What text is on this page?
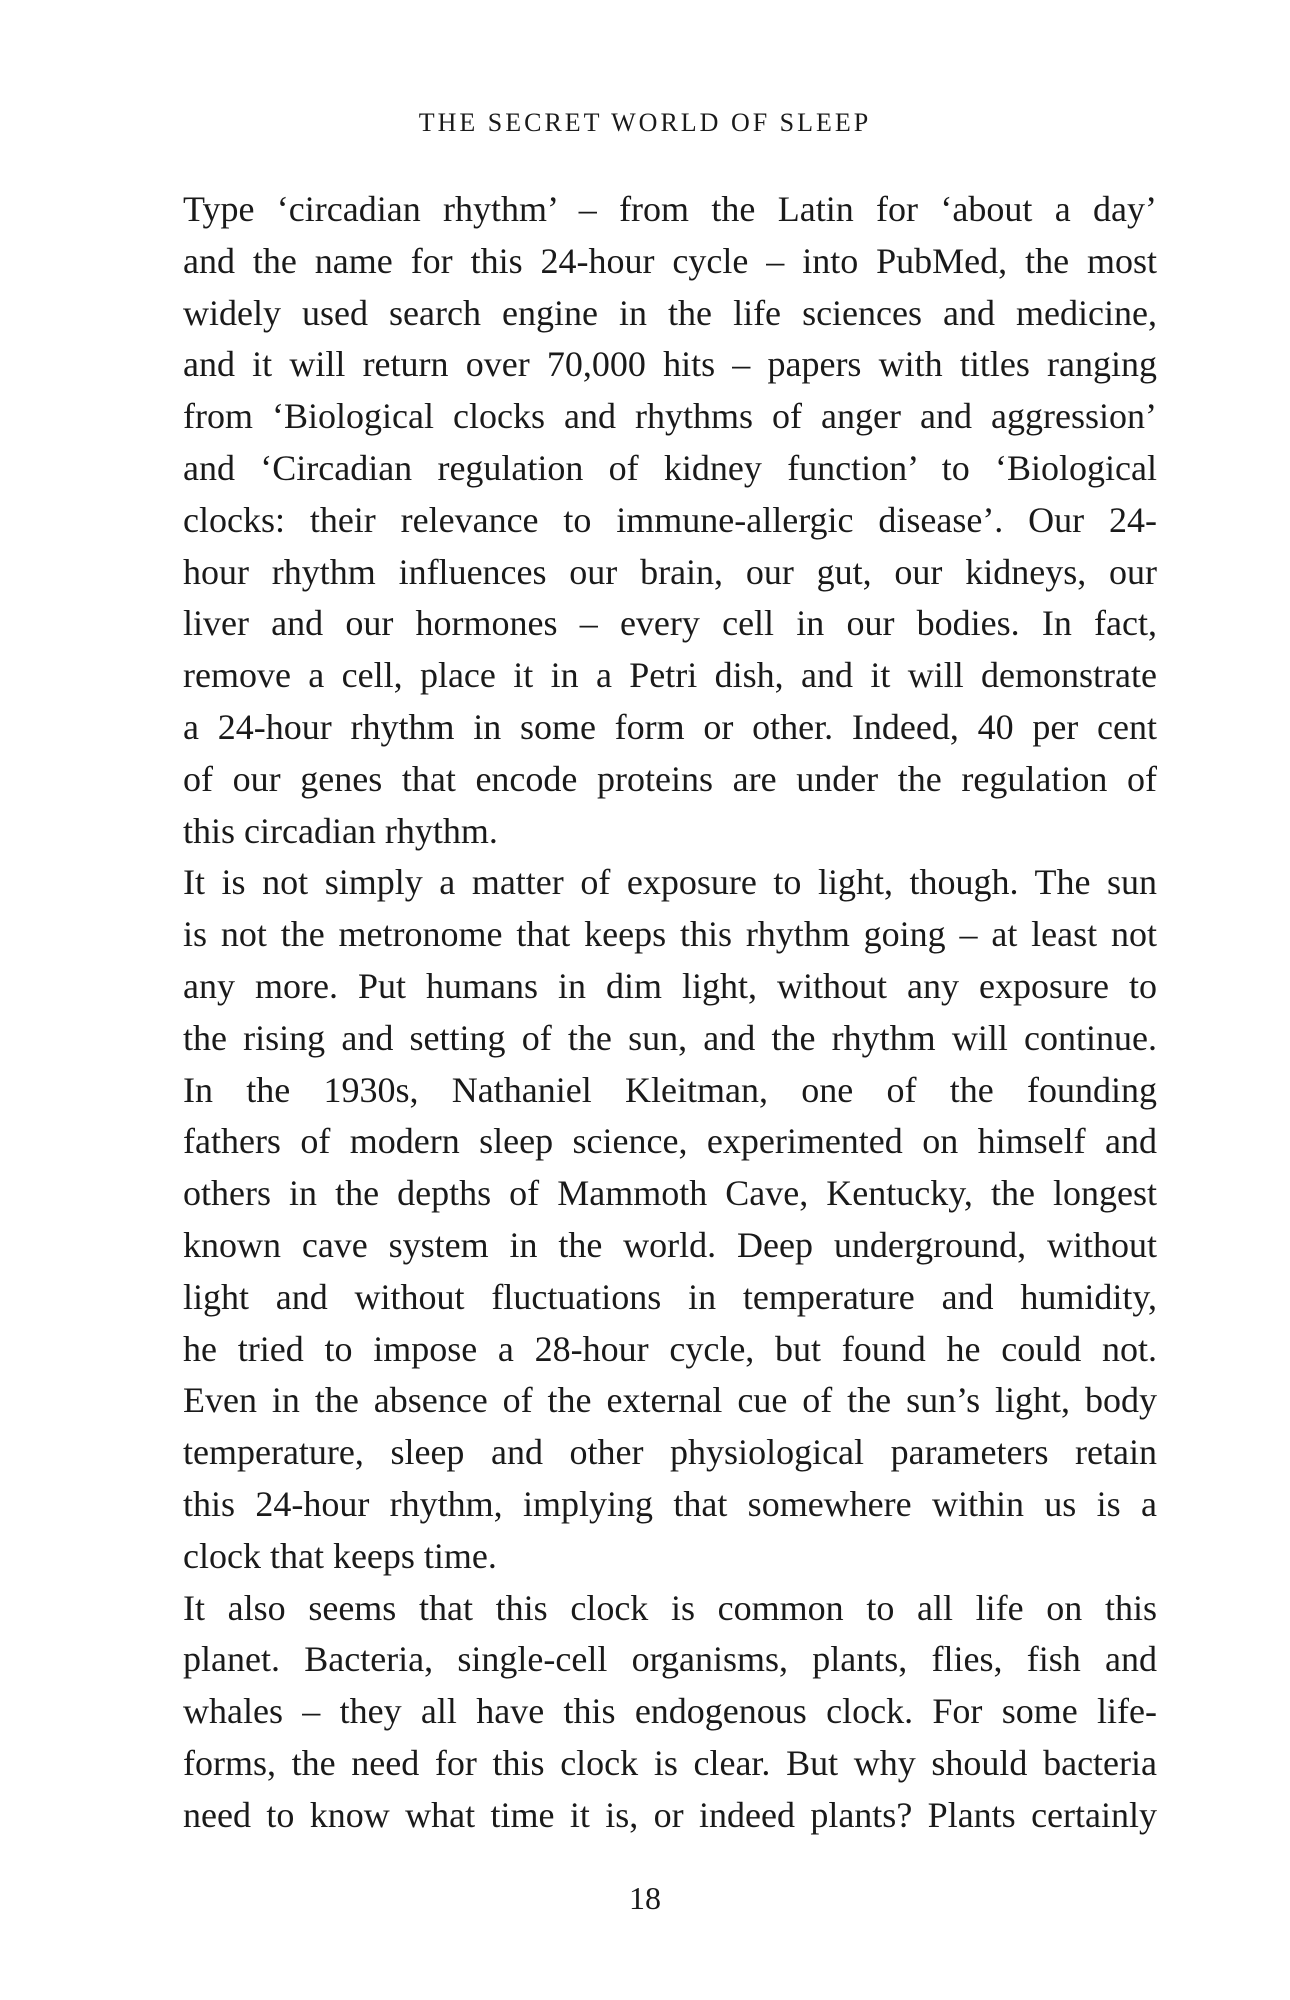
THE SECRET WORLD OF SLEEP
Type ‘circadian rhythm’ – from the Latin for ‘about a day’
and the name for this 24-hour cycle – into PubMed, the most
widely used search engine in the life sciences and medicine,
and it will return over 70,000 hits – papers with titles ranging
from ‘Biological clocks and rhythms of anger and aggression’
and ‘Circadian regulation of kidney function’ to ‘Biological
clocks: their relevance to immune-allergic disease’. Our 24-
hour rhythm influences our brain, our gut, our kidneys, our
liver and our hormones – every cell in our bodies. In fact,
remove a cell, place it in a Petri dish, and it will demonstrate
a 24-hour rhythm in some form or other. Indeed, 40 per cent
of our genes that encode proteins are under the regulation of
this circadian rhythm.
It is not simply a matter of exposure to light, though. The sun
is not the metronome that keeps this rhythm going – at least not
any more. Put humans in dim light, without any exposure to
the rising and setting of the sun, and the rhythm will continue.
In the 1930s, Nathaniel Kleitman, one of the founding
fathers of modern sleep science, experimented on himself and
others in the depths of Mammoth Cave, Kentucky, the longest
known cave system in the world. Deep underground, without
light and without fluctuations in temperature and humidity,
he tried to impose a 28-hour cycle, but found he could not.
Even in the absence of the external cue of the sun’s light, body
temperature, sleep and other physiological parameters retain
this 24-hour rhythm, implying that somewhere within us is a
clock that keeps time.
It also seems that this clock is common to all life on this
planet. Bacteria, single-cell organisms, plants, flies, fish and
whales – they all have this endogenous clock. For some life-
forms, the need for this clock is clear. But why should bacteria
need to know what time it is, or indeed plants? Plants certainly
18
